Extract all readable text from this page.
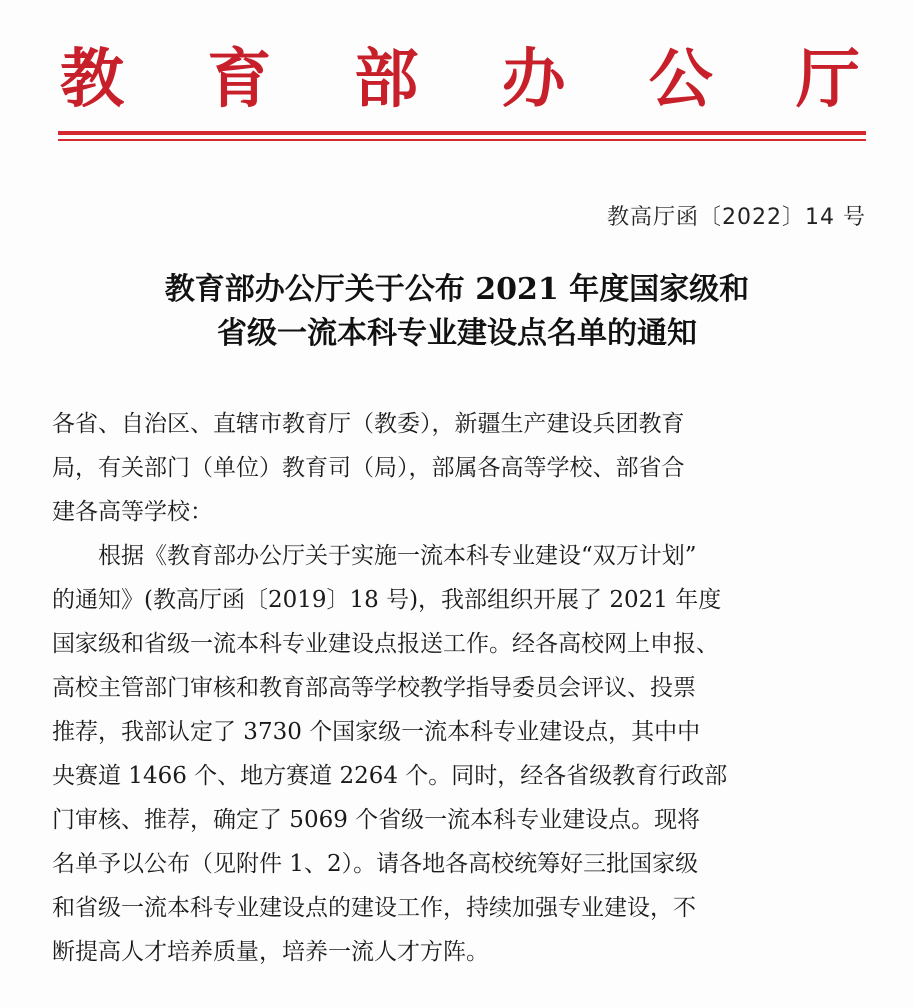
教 育 部 办 公 厅
教高厅函〔2022〕14 号
教育部办公厅关于公布 2021 年度国家级和
省级一流本科专业建设点名单的通知
各省、自治区、直辖市教育厅（教委），新疆生产建设兵团教育
局，有关部门（单位）教育司（局），部属各高等学校、部省合
建各高等学校：
　　根据《教育部办公厅关于实施一流本科专业建设“双万计划”
的通知》(教高厅函〔2019〕18 号)，我部组织开展了 2021 年度
国家级和省级一流本科专业建设点报送工作。经各高校网上申报、
高校主管部门审核和教育部高等学校教学指导委员会评议、投票
推荐，我部认定了 3730 个国家级一流本科专业建设点，其中中
央赛道 1466 个、地方赛道 2264 个。同时，经各省级教育行政部
门审核、推荐，确定了 5069 个省级一流本科专业建设点。现将
名单予以公布（见附件 1、2）。请各地各高校统筹好三批国家级
和省级一流本科专业建设点的建设工作，持续加强专业建设，不
断提高人才培养质量，培养一流人才方阵。
